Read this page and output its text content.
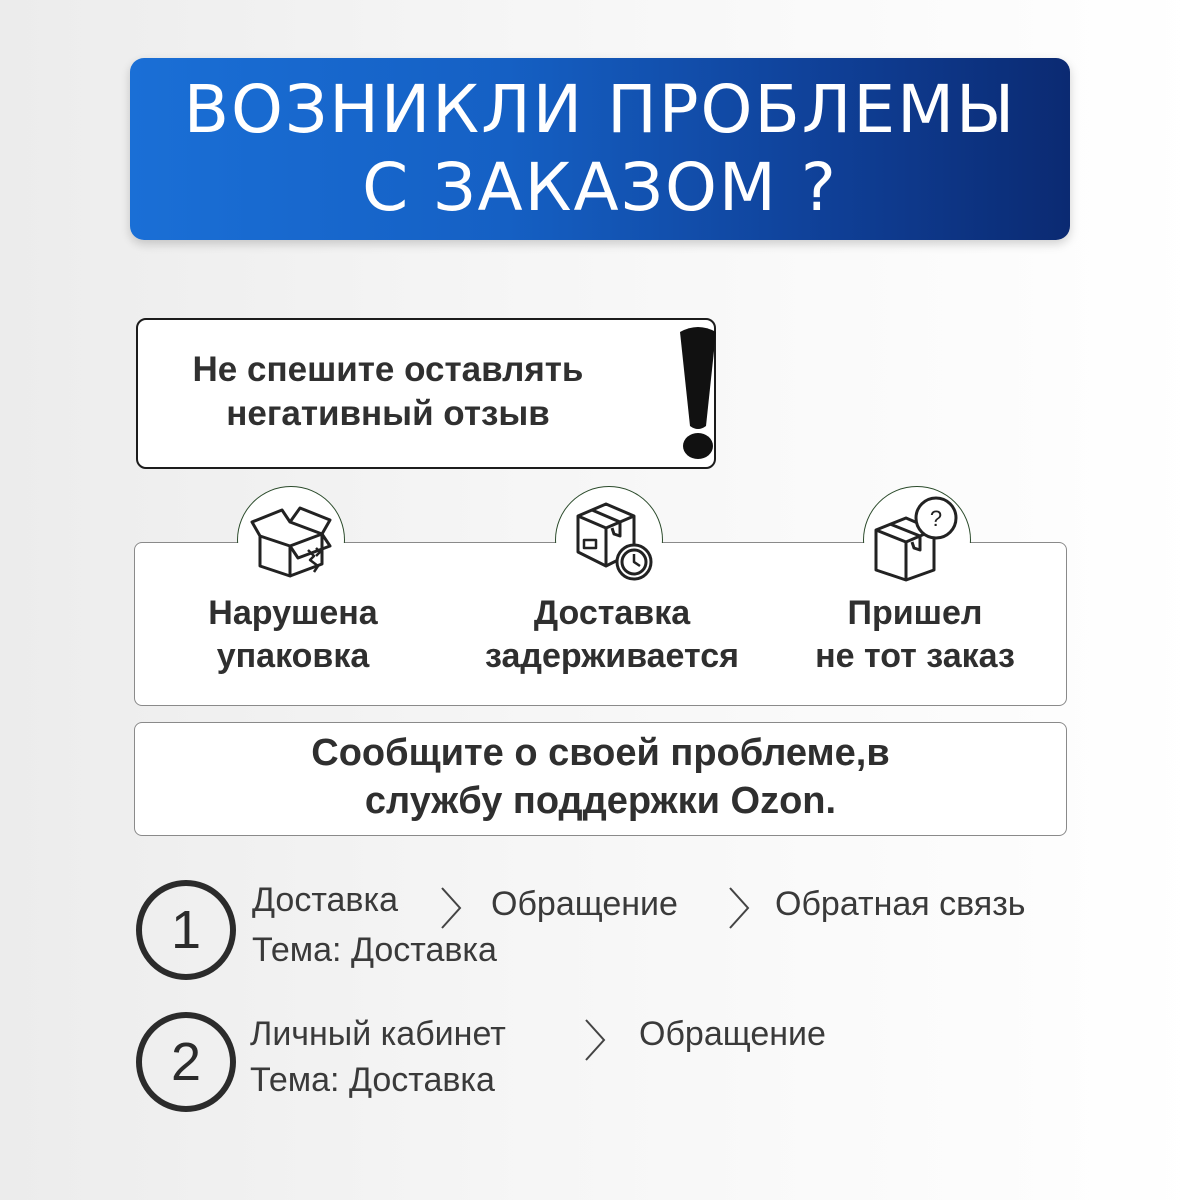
ВОЗНИКЛИ ПРОБЛЕМЫ
С ЗАКАЗОМ ?
Не спешите оставлять
негативный отзыв
?
Нарушена
упаковка
Доставка
задерживается
Пришел
не тот заказ
Сообщите о своей проблеме,в
службу поддержки Ozon.
1	Доставка	Обращение	Обратная связь
Тема: Доставка
2	Личный кабинет	Обращение
Тема: Доставка
